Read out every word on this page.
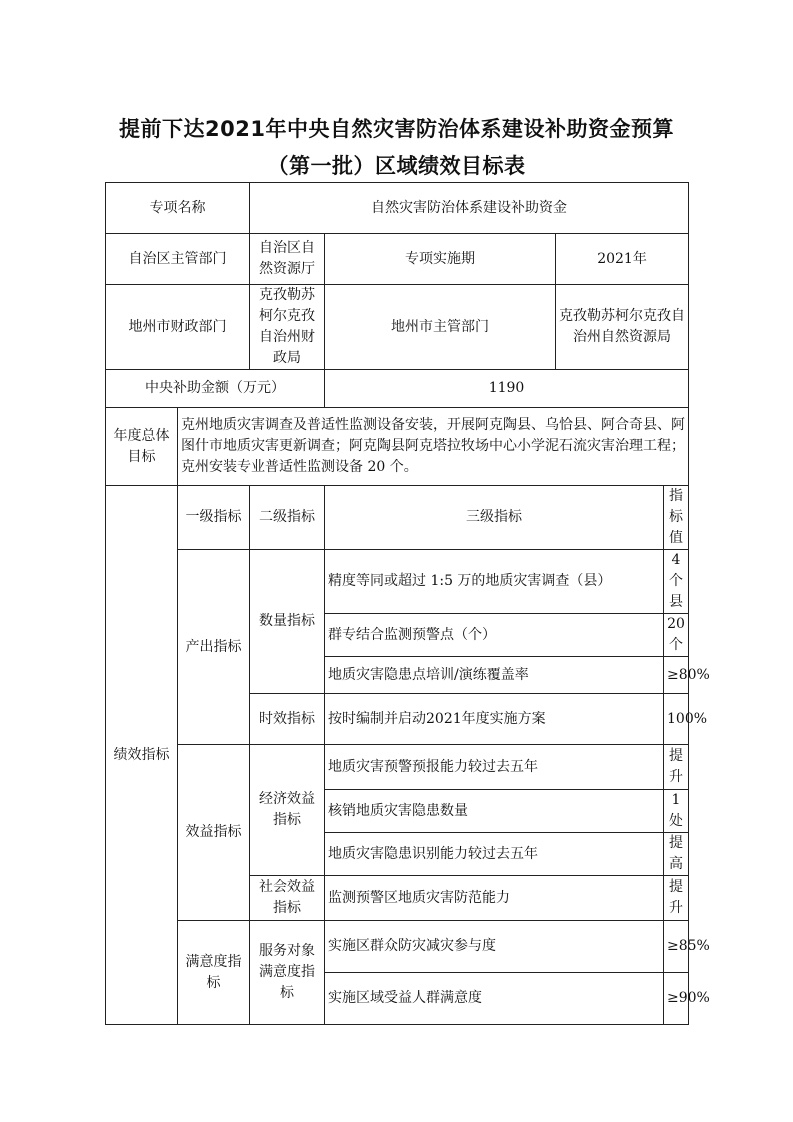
提前下达2021年中央自然灾害防治体系建设补助资金预算
（第一批）区域绩效目标表
专项名称		自然灾害防治体系建设补助资金			
自治区主管部门		自治区自然资源厅	专项实施期	2021年	
地州市财政部门		克孜勒苏柯尔克孜自治州财政局	地州市主管部门	克孜勒苏柯尔克孜自治州自然资源局	
中央补助金额（万元）			1190		
年度总体目标	克州地质灾害调查及普适性监测设备安装，开展阿克陶县、乌恰县、阿合奇县、阿图什市地质灾害更新调查；阿克陶县阿克塔拉牧场中心小学泥石流灾害治理工程； 克州安装专业普适性监测设备 20 个。				
绩效指标	一级指标	二级指标	三级指标		指标值
	产出指标	数量指标	精度等同或超过 1:5 万的地质灾害调查（县）		4个县
			群专结合监测预警点（个）		20个
			地质灾害隐患点培训/演练覆盖率		≥80%
		时效指标	按时编制并启动2021年度实施方案		100%
	效益指标	经济效益指标	地质灾害预警预报能力较过去五年		提升
			核销地质灾害隐患数量		1处
			地质灾害隐患识别能力较过去五年		提高
		社会效益指标	监测预警区地质灾害防范能力		提升
	满意度指标	服务对象满意度指标	实施区群众防灾减灾参与度		≥85%
			实施区域受益人群满意度		≥90%
